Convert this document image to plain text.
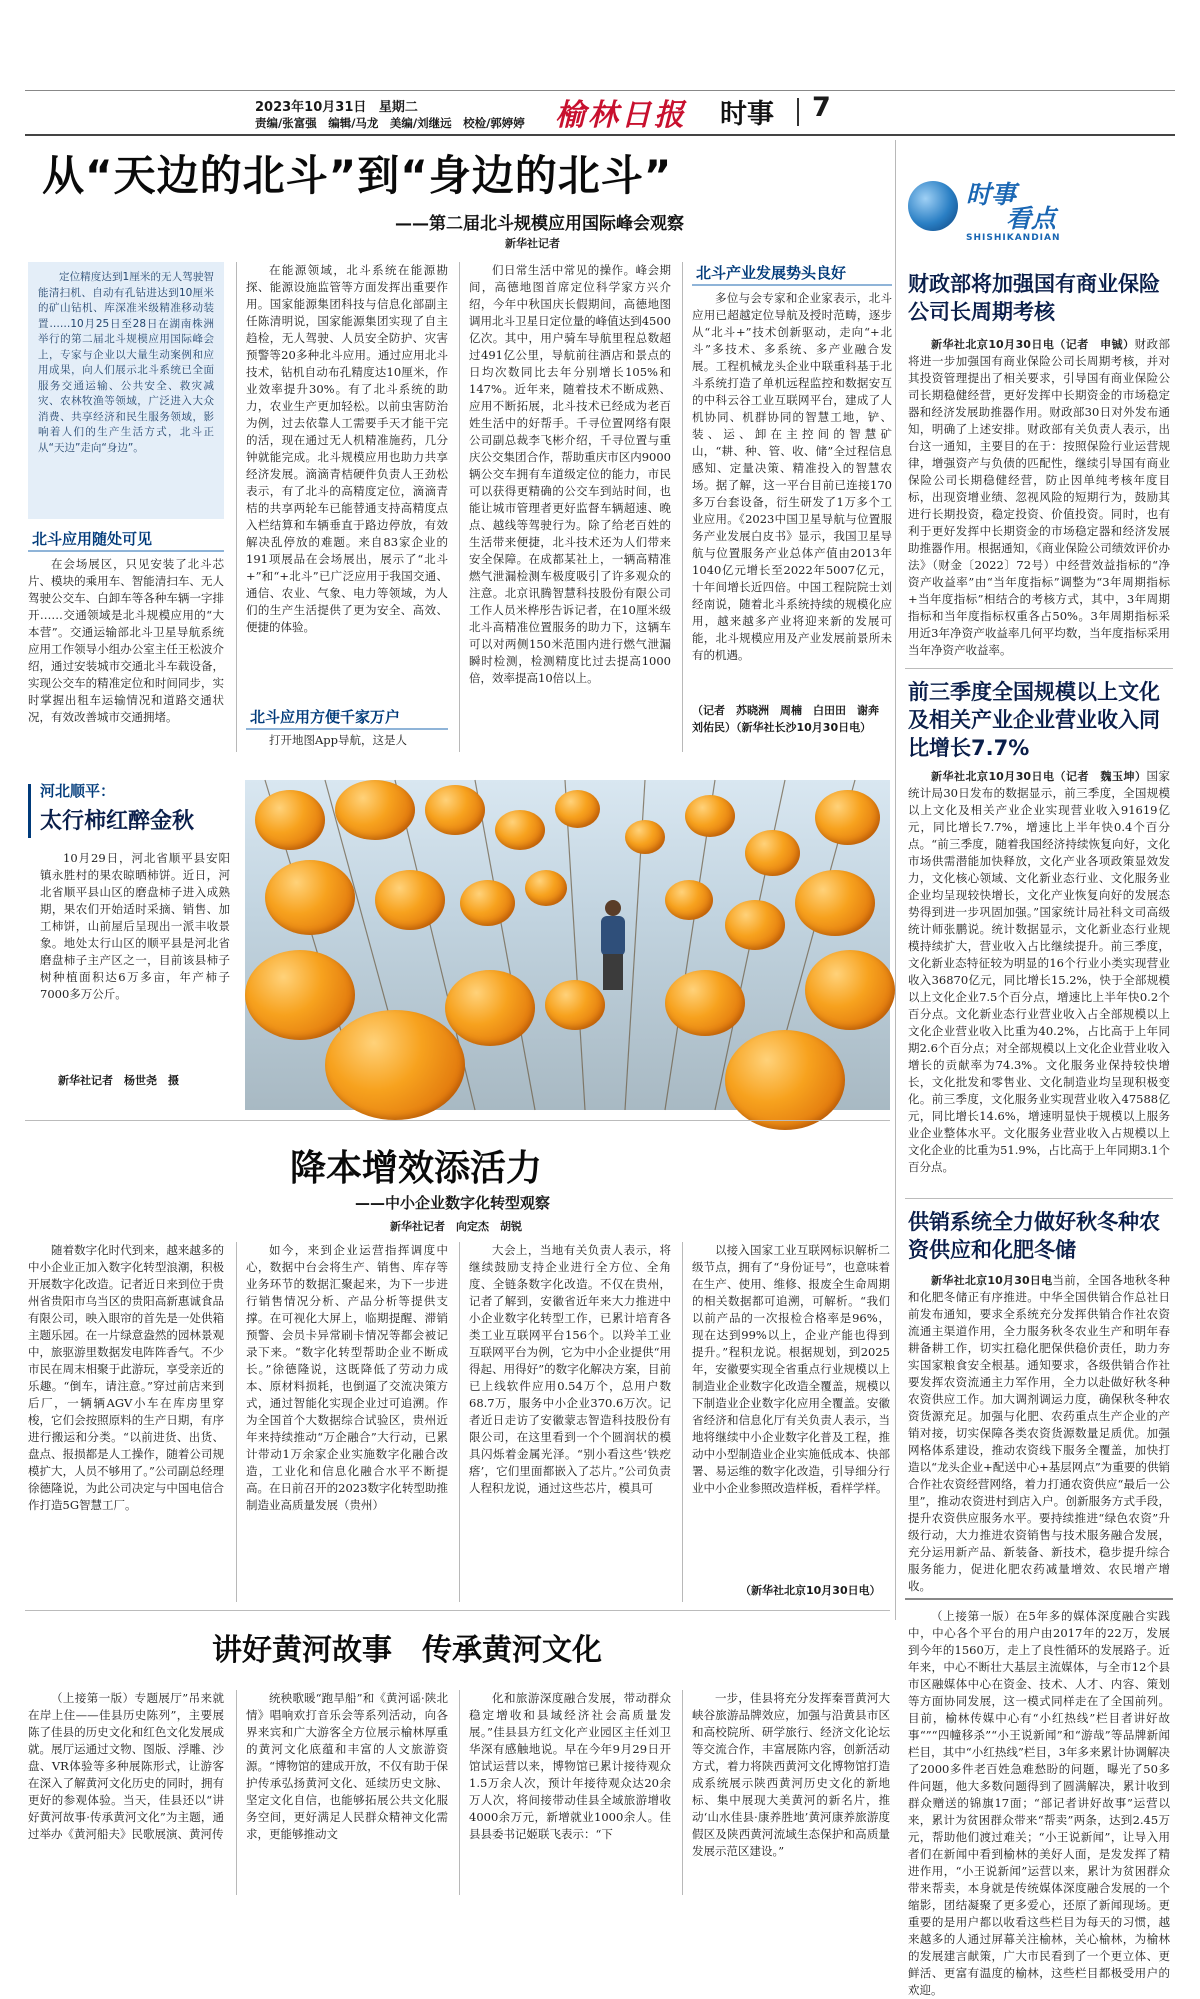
2023年10月31日 星期二
责编/张富强　编辑/马龙　美编/刘继远　校检/郭婷婷 榆林日报 时事 7
从“天边的北斗”到“身边的北斗”
——第二届北斗规模应用国际峰会观察
新华社记者
定位精度达到1厘米的无人驾驶智能清扫机、自动有孔钻进达到10厘米的矿山钻机、库深准米级精准移动装置……10月25日至28日在湖南株洲举行的第二届北斗规模应用国际峰会上，专家与企业以大量生动案例和应用成果，向人们展示北斗系统已全面服务交通运输、公共安全、救灾减灾、农林牧渔等领域，广泛进入大众消费、共享经济和民生服务领域，影响着人们的生产生活方式，北斗正从“天边”走向“身边”。
北斗应用随处可见
在会场展区，只见安装了北斗芯片、模块的乘用车、智能清扫车、无人驾驶公交车、白卸车等各种车辆一字排开……交通领域是北斗规模应用的“大本营”。交通运输部北斗卫星导航系统应用工作领导小组办公室主任王松波介绍，通过安装城市交通北斗车载设备，实现公交车的精准定位和时间同步，实时掌握出租车运输情况和道路交通状况，有效改善城市交通拥堵。
在能源领域，北斗系统在能源勘探、能源设施监管等方面发挥出重要作用。国家能源集团科技与信息化部副主任陈清明说，国家能源集团实现了自主趋检，无人驾驶、人员安全防护、灾害预警等20多种北斗应用。通过应用北斗技术，钻机自动布孔精度达10厘米，作业效率提升30%。有了北斗系统的助力，农业生产更加轻松。以前虫害防治为例，过去依靠人工需要手天才能干完的活，现在通过无人机精准施药，几分钟就能完成。北斗规模应用也助力共享经济发展。滴滴青桔硬件负责人王劲松表示，有了北斗的高精度定位，滴滴青桔的共享两轮车已能替通支持高精度点入栏结算和车辆垂直于路边停放，有效解决乱停放的难题。来自83家企业的191项展品在会场展出，展示了“北斗+”和“+北斗”已广泛应用于我国交通、通信、农业、气象、电力等领域，为人们的生产生活提供了更为安全、高效、便捷的体验。
北斗应用方便千家万户
打开地图App导航，这是人
们日常生活中常见的操作。峰会期间，高德地图首席定位科学家方兴介绍，今年中秋国庆长假期间，高德地图调用北斗卫星日定位量的峰值达到4500亿次。其中，用户骑车导航里程总数超过491亿公里，导航前往酒店和景点的日均次数同比去年分别增长105%和147%。近年来，随着技术不断成熟、应用不断拓展，北斗技术已经成为老百姓生活中的好帮手。千寻位置网络有限公司副总裁李飞彬介绍，千寻位置与重庆公交集团合作，帮助重庆市区内9000辆公交车拥有车道级定位的能力，市民可以获得更精确的公交车到站时间，也能让城市管理者更好监督车辆超速、晚点、越线等驾驶行为。除了给老百姓的生活带来便捷，北斗技术还为人们带来安全保障。在成都某社上，一辆高精准燃气泄漏检测车极度吸引了许多观众的注意。北京讯腾智慧科技股份有限公司工作人员米桦彤告诉记者，在10厘米级北斗高精准位置服务的助力下，这辆车可以对两侧150米范围内进行燃气泄漏瞬时检测，检测精度比过去提高1000倍，效率提高10倍以上。
北斗产业发展势头良好
多位与会专家和企业家表示，北斗应用已超越定位导航及授时范畴，逐步从“北斗+”技术创新驱动，走向“+北斗”多技术、多系统、多产业融合发展。工程机械龙头企业中联重科基于北斗系统打造了单机远程监控和数据安互的中科云谷工业互联网平台，建成了人机协同、机群协同的智慧工地，铲、装、运、卸在主控间的智慧矿山，“耕、种、管、收、储”全过程信息感知、定量决策、精准投入的智慧农场。据了解，这一平台目前已连接170多万台套设备，衍生研发了1万多个工业应用。《2023中国卫星导航与位置服务产业发展白皮书》显示，我国卫星导航与位置服务产业总体产值由2013年1040亿元增长至2022年5007亿元，十年间增长近四倍。中国工程院院士刘经南说，随着北斗系统持续的规模化应用，越来越多产业将迎来新的发展可能，北斗规模应用及产业发展前景所未有的机遇。
（记者　苏晓洲　周楠　白田田　谢奔　刘佑民）（新华社长沙10月30日电）
河北顺平：
太行柿红醉金秋
10月29日，河北省顺平县安阳镇永胜村的果农晾晒柿饼。近日，河北省顺平县山区的磨盘柿子进入成熟期，果农们开始适时采摘、销售、加工柿饼，山前屋后呈现出一派丰收景象。地处太行山区的顺平县是河北省磨盘柿子主产区之一，目前该县柿子树种植面积达6万多亩，年产柿子7000多万公斤。
新华社记者　杨世尧　摄
降本增效添活力
——中小企业数字化转型观察
新华社记者　向定杰　胡锐
随着数字化时代到来，越来越多的中小企业正加入数字化转型浪潮，积极开展数字化改造。记者近日来到位于贵州省贵阳市乌当区的贵阳高新惠诚食品有限公司，映入眼帘的首先是一处供箱主题乐园。在一片绿意盎然的园林景观中，旅驱游里数据发电阵阵香气。不少市民在周末相聚于此游玩，享受亲近的乐趣。“倒车，请注意。”穿过前店来到后厂，一辆辆AGV小车在库房里穿梭，它们会按照原料的生产日期，有序进行搬运和分类。“以前进货、出货、盘点、报损都是人工操作，随着公司规模扩大，人员不够用了。”公司副总经理徐德隆说，为此公司决定与中国电信合作打造5G智慧工厂。
如今，来到企业运营指挥调度中心，数据中台会将生产、销售、库存等业务环节的数据汇聚起来，为下一步进行销售情况分析、产品分析等提供支撑。在可视化大屏上，临期提醒、滞销预警、会员卡异常刷卡情况等都会被记录下来。“数字化转型帮助企业不断成长。”徐德隆说，这既降低了劳动力成本、原材料损耗，也倒逼了交流决策方式，通过智能化实现企业过可追溯。作为全国首个大数据综合试验区，贵州近年来持续推动“万企融合”大行动，已累计带动1万余家企业实施数字化融合改造，工业化和信息化融合水平不断提高。在日前召开的2023数字化转型助推制造业高质量发展（贵州）
大会上，当地有关负责人表示，将继续鼓励支持企业进行全方位、全角度、全链条数字化改造。不仅在贵州，记者了解到，安徽省近年来大力推进中小企业数字化转型工作，已累计培育各类工业互联网平台156个。以羚羊工业互联网平台为例，它为中小企业提供“用得起、用得好”的数字化解决方案，目前已上线软件应用0.54万个，总用户数68.7万，服务中小企业370.6万次。记者近日走访了安徽蒙志智造科技股份有限公司，在这里看到一个个圆润状的模具闪烁着金属光泽。“别小看这些‘铁疙瘩’，它们里面都嵌入了芯片。”公司负责人程积龙说，通过这些芯片，模具可
以接入国家工业互联网标识解析二级节点，拥有了“身份证号”，也意味着在生产、使用、维修、报废全生命周期的相关数据都可追溯，可解析。“我们以前产品的一次报检合格率是96%，现在达到99%以上，企业产能也得到提升。”程积龙说。根据规划，到2025年，安徽要实现全省重点行业规模以上制造业企业数字化改造全覆盖，规模以下制造业企业数字化应用全覆盖。安徽省经济和信息化厅有关负责人表示，当地将继续中小企业数字化普及工程，推动中小型制造业企业实施低成本、快部署、易运维的数字化改造，引导细分行业中小企业参照改造样板，看样学样。
（新华社北京10月30日电）
讲好黄河故事　传承黄河文化
（上接第一版）专题展厅”吊来就在岸上住——佳县历史陈列”，主要展陈了佳县的历史文化和红色文化发展成就。展厅运通过文物、图版、浮雕、沙盘、VR体验等多种展陈形式，让游客在深入了解黄河文化历史的同时，拥有更好的参观体验。当天，佳县还以“讲好黄河故事·传承黄河文化”为主题，通过举办《黄河船夫》民歌展演、黄河传
统秧歌暖“跑旱船”和《黄河谣·陕北情》唱响欢打音乐会等系列活动，向各界来宾和广大游客全方位展示榆林厚重的黄河文化底蕴和丰富的人文旅游资源。“博物馆的建成开放，不仅有助于保护传承弘扬黄河文化、延续历史文脉、坚定文化自信，也能够拓展公共文化服务空间，更好满足人民群众精神文化需求，更能够推动文
化和旅游深度融合发展，带动群众稳定增收和县域经济社会高质量发展。”佳县县方红文化产业园区主任刘卫华深有感触地说。早在今年9月29日开馆试运营以来，博物馆已累计接待观众1.5万余人次，预计年接待观众达20余万人次，将间接带动佳县全域旅游增收4000余万元，新增就业1000余人。佳县县委书记姬联飞表示：“下
一步，佳县将充分发挥秦晋黄河大峡谷旅游品牌效应，加强与沿黄县市区和高校院所、研学旅行、经济文化论坛等交流合作，丰富展陈内容，创新活动方式，着力将陕西黄河文化博物馆打造成系统展示陕西黄河历史文化的新地标、集中展现大美黄河的新名片，推动‘山水佳县·康养胜地’黄河康养旅游度假区及陕西黄河流域生态保护和高质量发展示范区建设。”
时事
看点
SHISHIKANDIAN
财政部将加强国有商业保险公司长周期考核
新华社北京10月30日电（记者　申铖）财政部将进一步加强国有商业保险公司长周期考核，并对其投资管理提出了相关要求，引导国有商业保险公司长期稳健经营，更好发挥中长期资金的市场稳定器和经济发展助推器作用。财政部30日对外发布通知，明确了上述安排。财政部有关负责人表示，出台这一通知，主要目的在于：按照保险行业运营规律，增强资产与负债的匹配性，继续引导国有商业保险公司长期稳健经营，防止因单纯考核年度目标，出现资增业绩、忽视风险的短期行为，鼓励其进行长期投资，稳定投资、价值投资。同时，也有利于更好发挥中长期资金的市场稳定器和经济发展助推器作用。根据通知，《商业保险公司绩效评价办法》（财金〔2022〕72号）中经营效益指标的“净资产收益率”由“当年度指标”调整为“3年周期指标+当年度指标”相结合的考核方式，其中，3年周期指标和当年度指标权重各占50%。3年周期指标采用近3年净资产收益率几何平均数，当年度指标采用当年净资产收益率。
前三季度全国规模以上文化及相关产业企业营业收入同比增长7.7%
新华社北京10月30日电（记者　魏玉坤）国家统计局30日发布的数据显示，前三季度，全国规模以上文化及相关产业企业实现营业收入91619亿元，同比增长7.7%，增速比上半年快0.4个百分点。“前三季度，随着我国经济持续恢复向好，文化市场供需潜能加快释放，文化产业各项政策显效发力，文化核心领域、文化新业态行业、文化服务业企业均呈现较快增长，文化产业恢复向好的发展态势得到进一步巩固加强。”国家统计局社科文司高级统计师张鹏说。统计数据显示，文化新业态行业规模持续扩大，营业收入占比继续提升。前三季度，文化新业态特征较为明显的16个行业小类实现营业收入36870亿元，同比增长15.2%，快于全部规模以上文化企业7.5个百分点，增速比上半年快0.2个百分点。文化新业态行业营业收入占全部规模以上文化企业营业收入比重为40.2%，占比高于上年同期2.6个百分点；对全部规模以上文化企业营业收入增长的贡献率为74.3%。文化服务业保持较快增长，文化批发和零售业、文化制造业均呈现积极变化。前三季度，文化服务业实现营业收入47588亿元，同比增长14.6%，增速明显快于规模以上服务业企业整体水平。文化服务业营业收入占规模以上文化企业的比重为51.9%，占比高于上年同期3.1个百分点。
供销系统全力做好秋冬种农资供应和化肥冬储
新华社北京10月30日电当前，全国各地秋冬种和化肥冬储正有序推进。中华全国供销合作总社日前发布通知，要求全系统充分发挥供销合作社农资流通主渠道作用，全力服务秋冬农业生产和明年春耕备耕工作，切实扛稳化肥保供稳价责任，助力夯实国家粮食安全根基。通知要求，各级供销合作社要发挥农资流通主力军作用，全力以赴做好秋冬种农资供应工作。加大调剂调运力度，确保秋冬种农资货源充足。加强与化肥、农药重点生产企业的产销对接，切实保障各类农资货源数量足质优。加强网格体系建设，推动农资线下服务全覆盖，加快打造以“龙头企业+配送中心+基层网点”为重要的供销合作社农资经营网络，着力打通农资供应“最后一公里”，推动农资进村到店入户。创新服务方式手段，提升农资供应服务水平。要持续推进“绿色农资”升级行动，大力推进农资销售与技术服务融合发展，充分运用新产品、新装备、新技术，稳步提升综合服务能力，促进化肥农药减量增效、农民增产增收。
（上接第一版）在5年多的媒体深度融合实践中，中心各个平台的用户由2017年的22万，发展到今年的1560万，走上了良性循环的发展路子。近年来，中心不断壮大基层主流媒体，与全市12个县市区融媒体中心在资金、技术、人才、内容、策划等方面协同发展，这一模式同样走在了全国前列。目前，榆林传媒中心有“小红热线”栏目者讲好故事“”“四幢移杀”“小王说新闻”和“游哉”等品牌新闻栏目，其中“小红热线”栏目，3年多来累计协调解决了2000多件老百姓急难愁盼的问题，曝光了50多件问题，他大多数问题得到了圆满解决，累计收到群众赠送的锦旗17面；“部记者讲好故事”运营以来，累计为贫困群众带来“帮卖”两条，达到2.45万元，帮助他们渡过难关；“小王说新闻”，让导入用者们在新闻中看到榆林的美好人面，是发发挥了精进作用，“小王说新闻”运营以来，累计为贫困群众带来帮卖，本身就是传统媒体深度融合发展的一个缩影，团结凝聚了更多爱心，还原了新闻现场。更重要的是用户都以收看这些栏目为每天的习惯，越来越多的人通过屏幕关注榆林，关心榆林，为榆林的发展建言献策，广大市民看到了一个更立体、更鲜活、更富有温度的榆林，这些栏目都极受用户的欢迎。
